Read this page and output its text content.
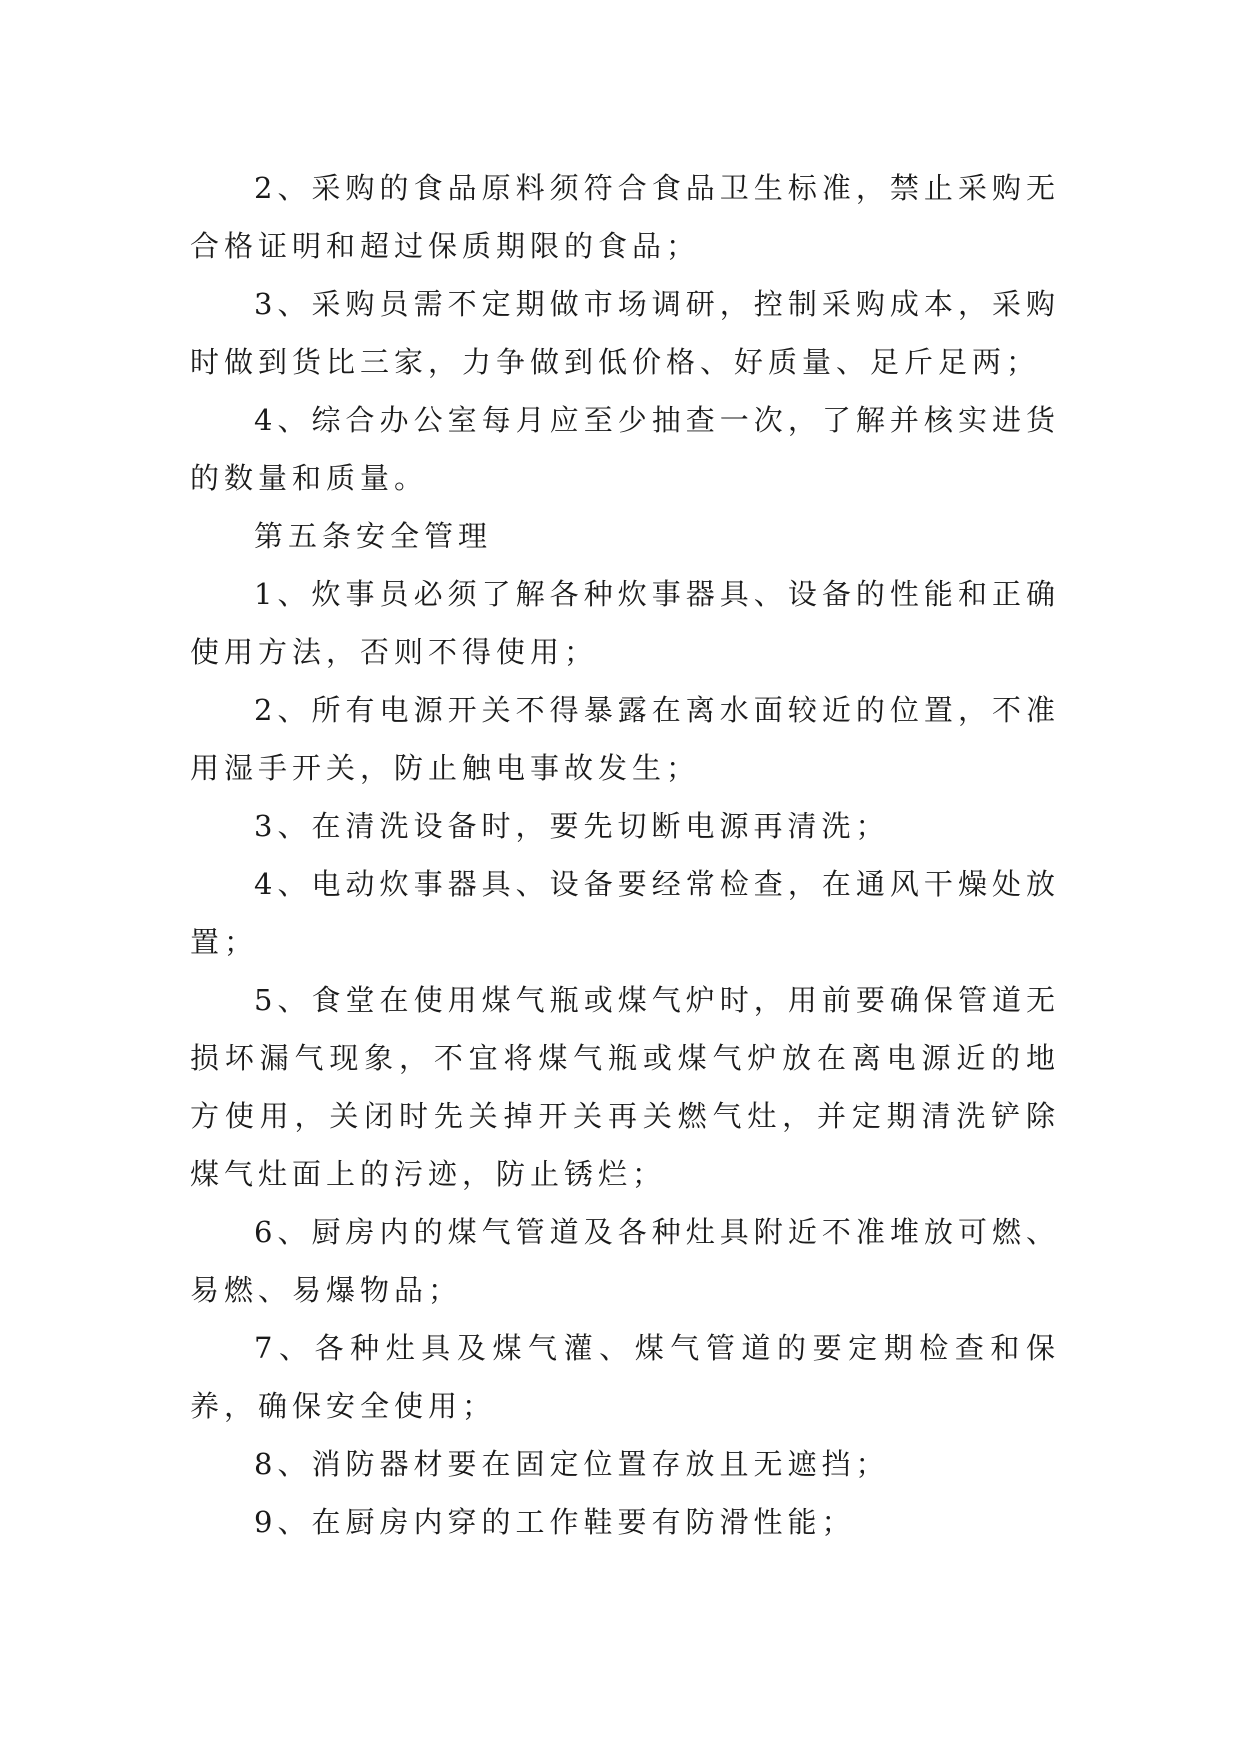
2、采购的食品原料须符合食品卫生标准，禁止采购无合格证明和超过保质期限的食品；

3、采购员需不定期做市场调研，控制采购成本，采购时做到货比三家，力争做到低价格、好质量、足斤足两；

4、综合办公室每月应至少抽查一次，了解并核实进货的数量和质量。

第五条安全管理

1、炊事员必须了解各种炊事器具、设备的性能和正确使用方法，否则不得使用；

2、所有电源开关不得暴露在离水面较近的位置，不准用湿手开关，防止触电事故发生；

3、在清洗设备时，要先切断电源再清洗；

4、电动炊事器具、设备要经常检查，在通风干燥处放置；

5、食堂在使用煤气瓶或煤气炉时，用前要确保管道无损坏漏气现象，不宜将煤气瓶或煤气炉放在离电源近的地方使用，关闭时先关掉开关再关燃气灶，并定期清洗铲除煤气灶面上的污迹，防止锈烂；

6、厨房内的煤气管道及各种灶具附近不准堆放可燃、易燃、易爆物品；

7、各种灶具及煤气灌、煤气管道的要定期检查和保养，确保安全使用；

8、消防器材要在固定位置存放且无遮挡；

9、在厨房内穿的工作鞋要有防滑性能；
